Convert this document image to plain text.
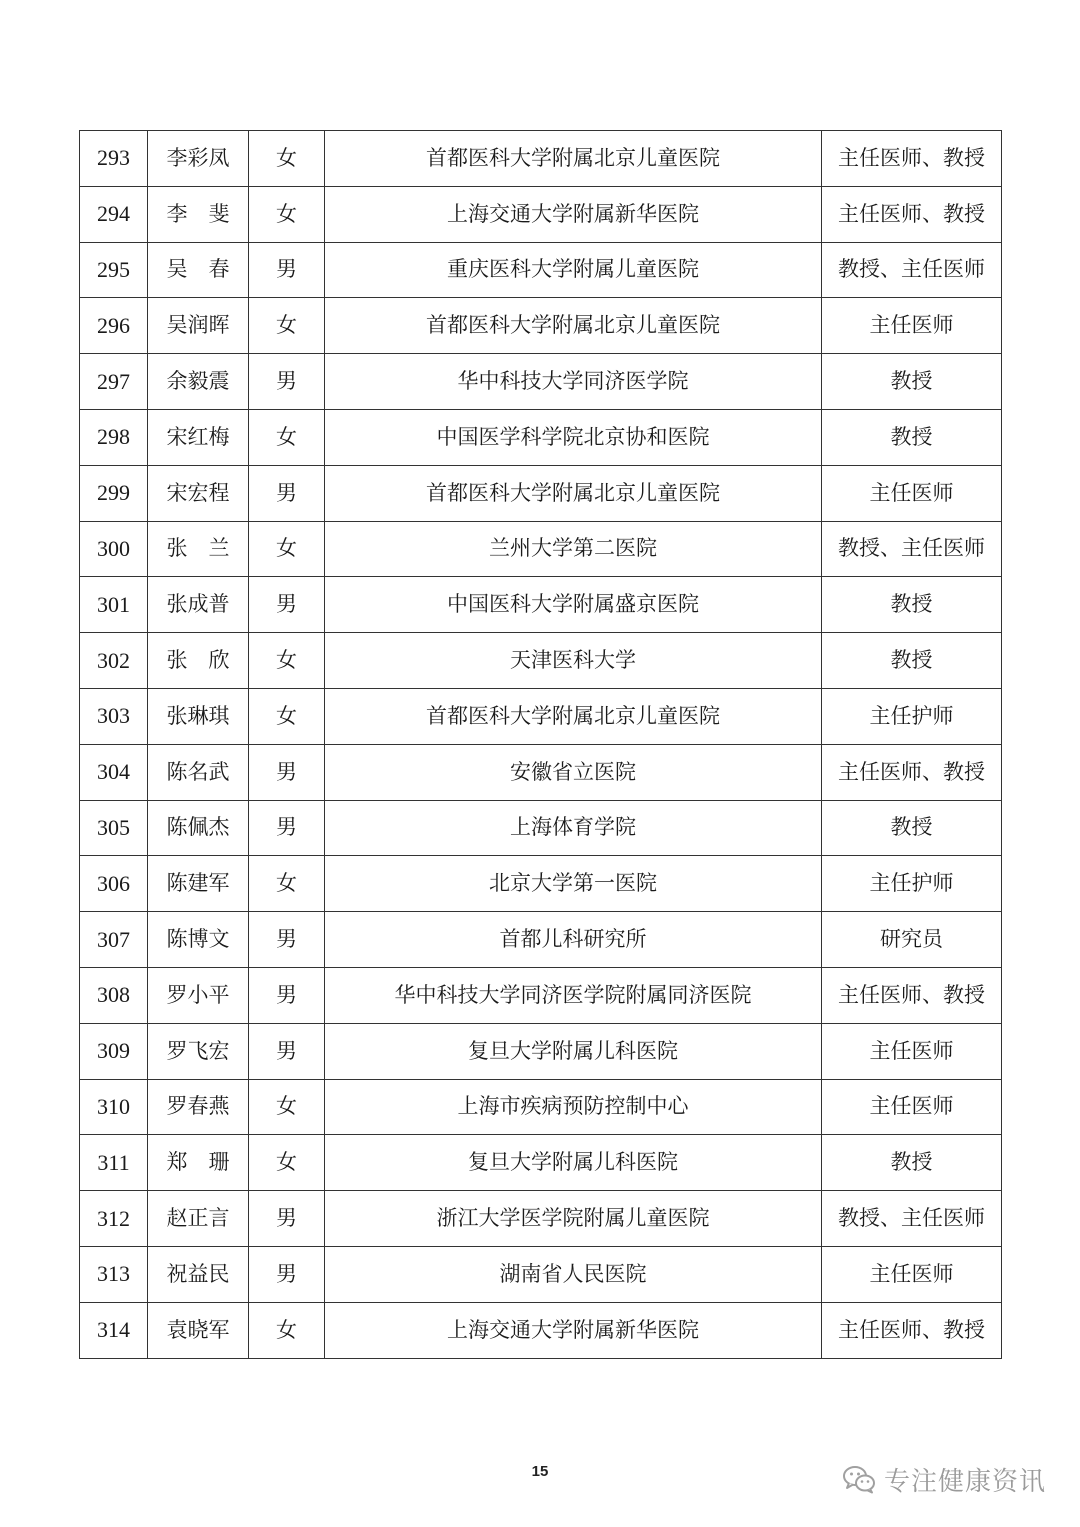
293	李彩凤	女	首都医科大学附属北京儿童医院	主任医师、教授
294	李　斐	女	上海交通大学附属新华医院	主任医师、教授
295	吴　春	男	重庆医科大学附属儿童医院	教授、主任医师
296	吴润晖	女	首都医科大学附属北京儿童医院	主任医师
297	余毅震	男	华中科技大学同济医学院	教授
298	宋红梅	女	中国医学科学院北京协和医院	教授
299	宋宏程	男	首都医科大学附属北京儿童医院	主任医师
300	张　兰	女	兰州大学第二医院	教授、主任医师
301	张成普	男	中国医科大学附属盛京医院	教授
302	张　欣	女	天津医科大学	教授
303	张琳琪	女	首都医科大学附属北京儿童医院	主任护师
304	陈名武	男	安徽省立医院	主任医师、教授
305	陈佩杰	男	上海体育学院	教授
306	陈建军	女	北京大学第一医院	主任护师
307	陈博文	男	首都儿科研究所	研究员
308	罗小平	男	华中科技大学同济医学院附属同济医院	主任医师、教授
309	罗飞宏	男	复旦大学附属儿科医院	主任医师
310	罗春燕	女	上海市疾病预防控制中心	主任医师
311	郑　珊	女	复旦大学附属儿科医院	教授
312	赵正言	男	浙江大学医学院附属儿童医院	教授、主任医师
313	祝益民	男	湖南省人民医院	主任医师
314	袁晓军	女	上海交通大学附属新华医院	主任医师、教授
15	专注健康资讯
